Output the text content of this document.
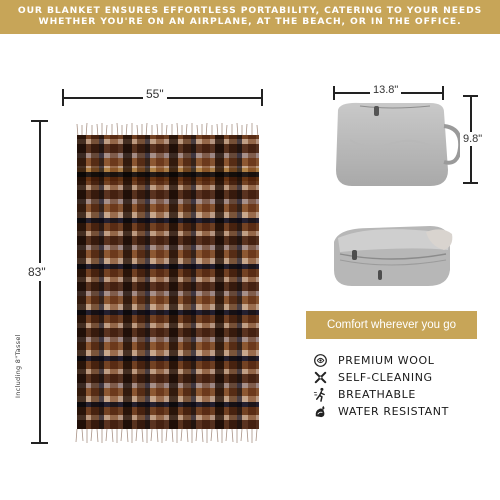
OUR BLANKET ENSURES EFFORTLESS PORTABILITY, CATERING TO YOUR NEEDS
WHETHER YOU'RE ON AN AIRPLANE, AT THE BEACH, OR IN THE OFFICE.
55"
83"
Including 8"Tassel
13.8"
9.8"
Comfort wherever you go
PREMIUM WOOL
SELF-CLEANING
BREATHABLE
WATER RESISTANT
